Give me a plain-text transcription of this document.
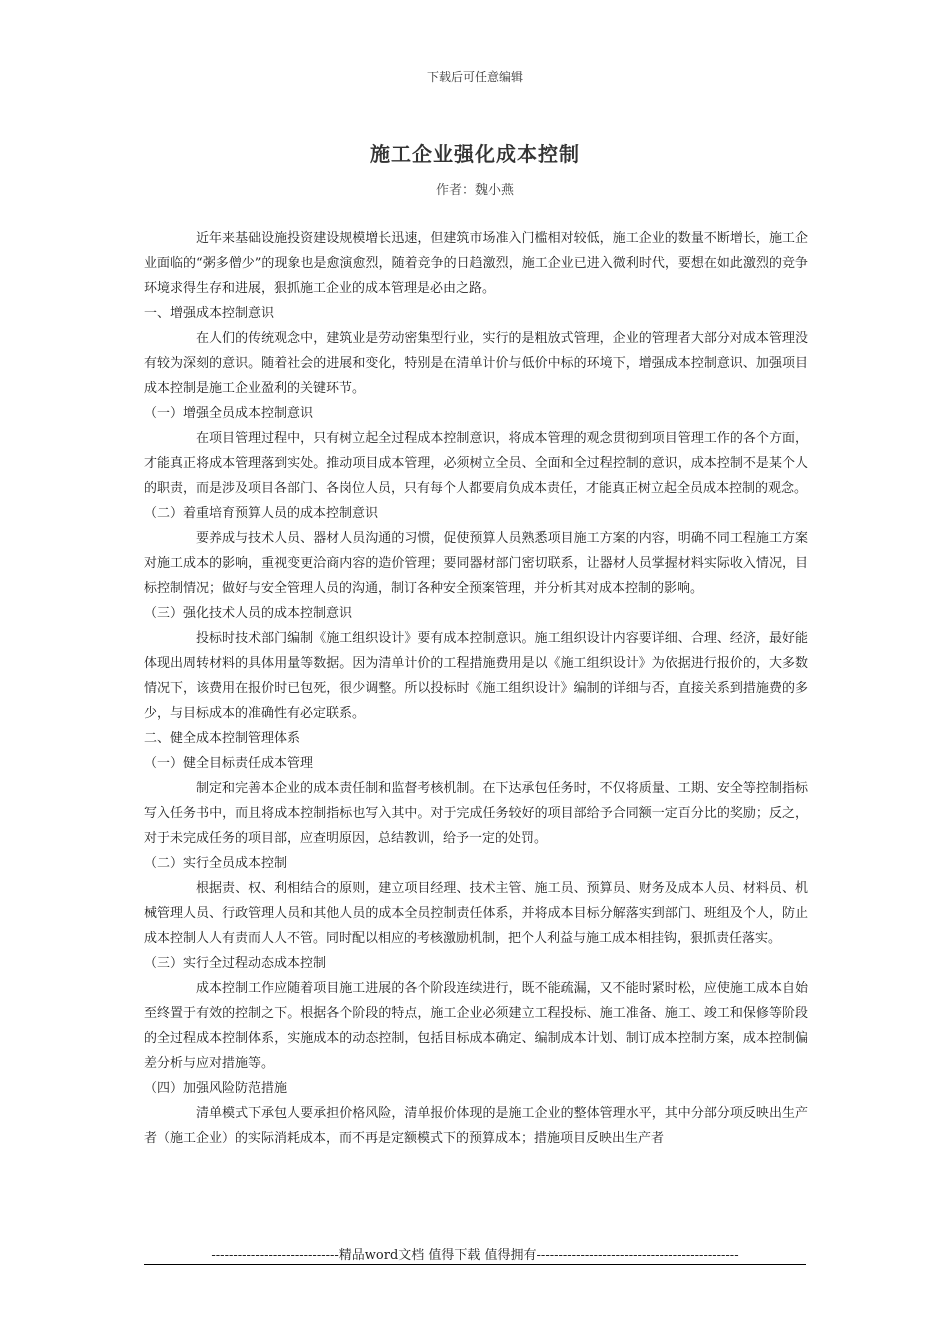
下载后可任意编辑
施工企业强化成本控制
作者：魏小燕

近年来基础设施投资建设规模增长迅速，但建筑市场准入门槛相对较低，施工企业的数量不断增长，施工企业面临的“粥多僧少”的现象也是愈演愈烈，随着竞争的日趋激烈，施工企业已进入微利时代，要想在如此激烈的竞争环境求得生存和进展，狠抓施工企业的成本管理是必由之路。

一、增强成本控制意识

在人们的传统观念中，建筑业是劳动密集型行业，实行的是粗放式管理，企业的管理者大部分对成本管理没有较为深刻的意识。随着社会的进展和变化，特别是在清单计价与低价中标的环境下，增强成本控制意识、加强项目成本控制是施工企业盈利的关键环节。

（一）增强全员成本控制意识

在项目管理过程中，只有树立起全过程成本控制意识，将成本管理的观念贯彻到项目管理工作的各个方面，才能真正将成本管理落到实处。推动项目成本管理，必须树立全员、全面和全过程控制的意识，成本控制不是某个人的职责，而是涉及项目各部门、各岗位人员，只有每个人都要肩负成本责任，才能真正树立起全员成本控制的观念。

（二）着重培育预算人员的成本控制意识

要养成与技术人员、器材人员沟通的习惯，促使预算人员熟悉项目施工方案的内容，明确不同工程施工方案对施工成本的影响，重视变更洽商内容的造价管理；要同器材部门密切联系，让器材人员掌握材料实际收入情况，目标控制情况；做好与安全管理人员的沟通，制订各种安全预案管理，并分析其对成本控制的影响。

（三）强化技术人员的成本控制意识

投标时技术部门编制《施工组织设计》要有成本控制意识。施工组织设计内容要详细、合理、经济，最好能体现出周转材料的具体用量等数据。因为清单计价的工程措施费用是以《施工组织设计》为依据进行报价的，大多数情况下，该费用在报价时已包死，很少调整。所以投标时《施工组织设计》编制的详细与否，直接关系到措施费的多少，与目标成本的准确性有必定联系。

二、健全成本控制管理体系

（一）健全目标责任成本管理

制定和完善本企业的成本责任制和监督考核机制。在下达承包任务时，不仅将质量、工期、安全等控制指标写入任务书中，而且将成本控制指标也写入其中。对于完成任务较好的项目部给予合同额一定百分比的奖励；反之，对于未完成任务的项目部，应查明原因，总结教训，给予一定的处罚。

（二）实行全员成本控制

根据责、权、利相结合的原则，建立项目经理、技术主管、施工员、预算员、财务及成本人员、材料员、机械管理人员、行政管理人员和其他人员的成本全员控制责任体系，并将成本目标分解落实到部门、班组及个人，防止成本控制人人有责而人人不管。同时配以相应的考核激励机制，把个人利益与施工成本相挂钩，狠抓责任落实。

（三）实行全过程动态成本控制

成本控制工作应随着项目施工进展的各个阶段连续进行，既不能疏漏，又不能时紧时松，应使施工成本自始至终置于有效的控制之下。根据各个阶段的特点，施工企业必须建立工程投标、施工准备、施工、竣工和保修等阶段的全过程成本控制体系，实施成本的动态控制，包括目标成本确定、编制成本计划、制订成本控制方案，成本控制偏差分析与应对措施等。

（四）加强风险防范措施

清单模式下承包人要承担价格风险，清单报价体现的是施工企业的整体管理水平，其中分部分项反映出生产者（施工企业）的实际消耗成本，而不再是定额模式下的预算成本；措施项目反映出生产者

-----------------------------精品word文档 值得下载 值得拥有----------------------------------------------
